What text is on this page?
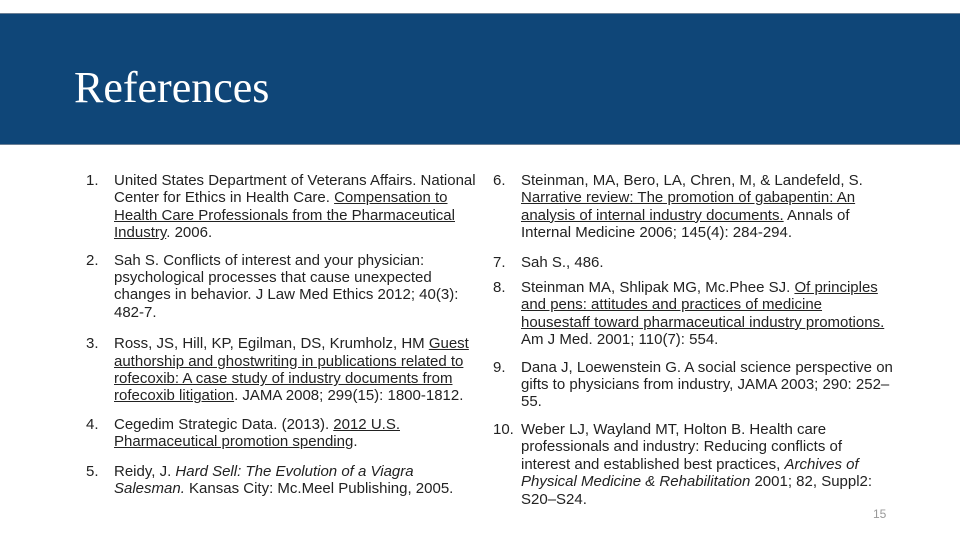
References

1. United States Department of Veterans Affairs. National Center for Ethics in Health Care. Compensation to Health Care Professionals from the Pharmaceutical Industry. 2006.

2. Sah S. Conflicts of interest and your physician: psychological processes that cause unexpected changes in behavior. J Law Med Ethics 2012; 40(3): 482-7.

3. Ross, JS, Hill, KP, Egilman, DS, Krumholz, HM Guest authorship and ghostwriting in publications related to rofecoxib: A case study of industry documents from rofecoxib litigation. JAMA 2008; 299(15): 1800-1812.

4. Cegedim Strategic Data. (2013). 2012 U.S. Pharmaceutical promotion spending.

5. Reidy, J. Hard Sell: The Evolution of a Viagra Salesman. Kansas City: Mc.Meel Publishing, 2005.

6. Steinman, MA, Bero, LA, Chren, M, & Landefeld, S. Narrative review: The promotion of gabapentin: An analysis of internal industry documents. Annals of Internal Medicine 2006; 145(4): 284-294.

7. Sah S., 486.

8. Steinman MA, Shlipak MG, Mc.Phee SJ. Of principles and pens: attitudes and practices of medicine housestaff toward pharmaceutical industry promotions. Am J Med. 2001; 110(7): 554.

9. Dana J, Loewenstein G. A social science perspective on gifts to physicians from industry, JAMA 2003; 290: 252–55.

10. Weber LJ, Wayland MT, Holton B. Health care professionals and industry: Reducing conflicts of interest and established best practices, Archives of Physical Medicine & Rehabilitation 2001; 82, Suppl2: S20–S24.

15
